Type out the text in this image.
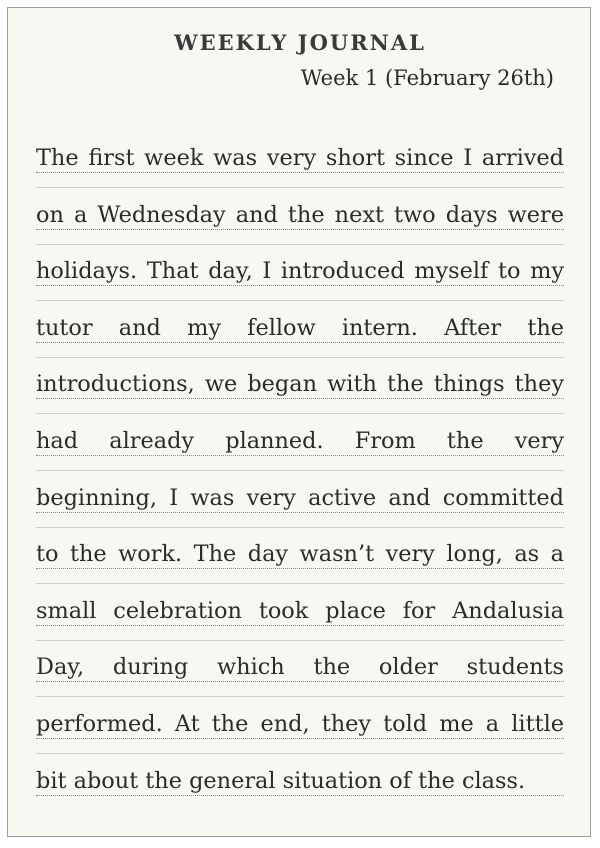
WEEKLY JOURNAL

Week 1 (February 26th)

The first week was very short since I arrived
on a Wednesday and the next two days were
holidays. That day, I introduced myself to my
tutor and my fellow intern. After the
introductions, we began with the things they
had already planned. From the very
beginning, I was very active and committed
to the work. The day wasn’t very long, as a
small celebration took place for Andalusia
Day, during which the older students
performed. At the end, they told me a little
bit about the general situation of the class.
